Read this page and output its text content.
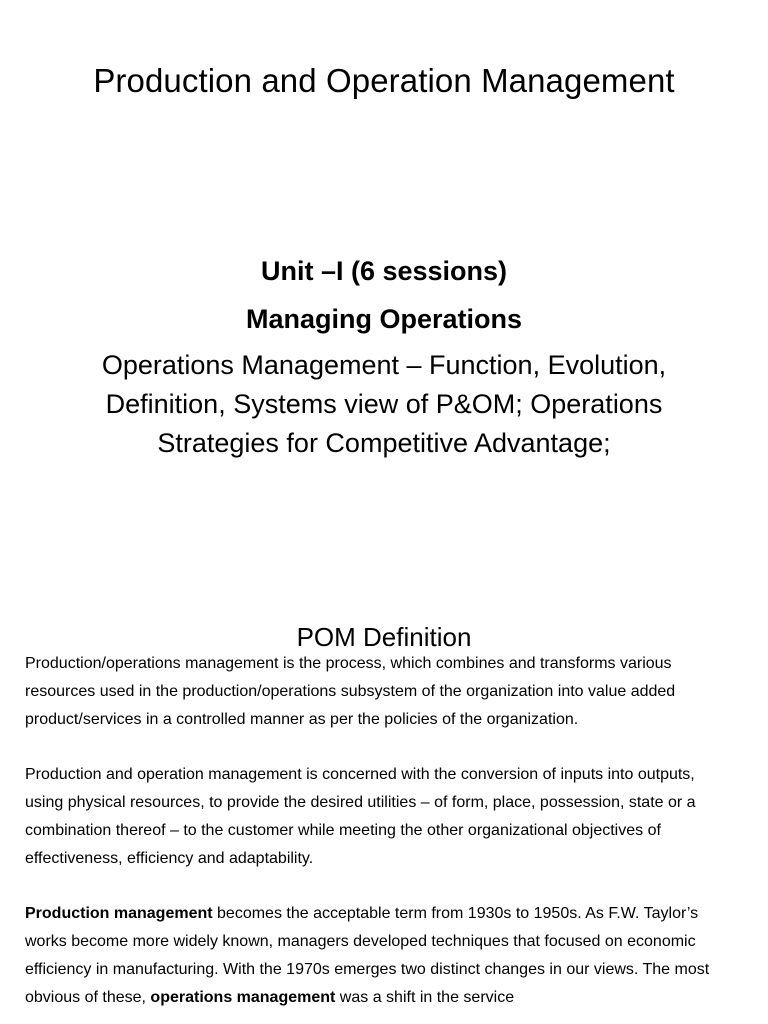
Production and Operation Management
Unit –I (6 sessions)
Managing Operations
Operations Management – Function, Evolution, Definition, Systems view of P&OM; Operations Strategies for Competitive Advantage;
POM Definition

Production/operations management is the process, which combines and transforms various resources used in the production/operations subsystem of the organization into value added product/services in a controlled manner as per the policies of the organization.

Production and operation management is concerned with the conversion of inputs into outputs, using physical resources, to provide the desired utilities – of form, place, possession, state or a combination thereof – to the customer while meeting the other organizational objectives of effectiveness, efficiency and adaptability.

Production management becomes the acceptable term from 1930s to 1950s. As F.W. Taylor’s works become more widely known, managers developed techniques that focused on economic efficiency in manufacturing. With the 1970s emerges two distinct changes in our views. The most obvious of these, operations management was a shift in the service
